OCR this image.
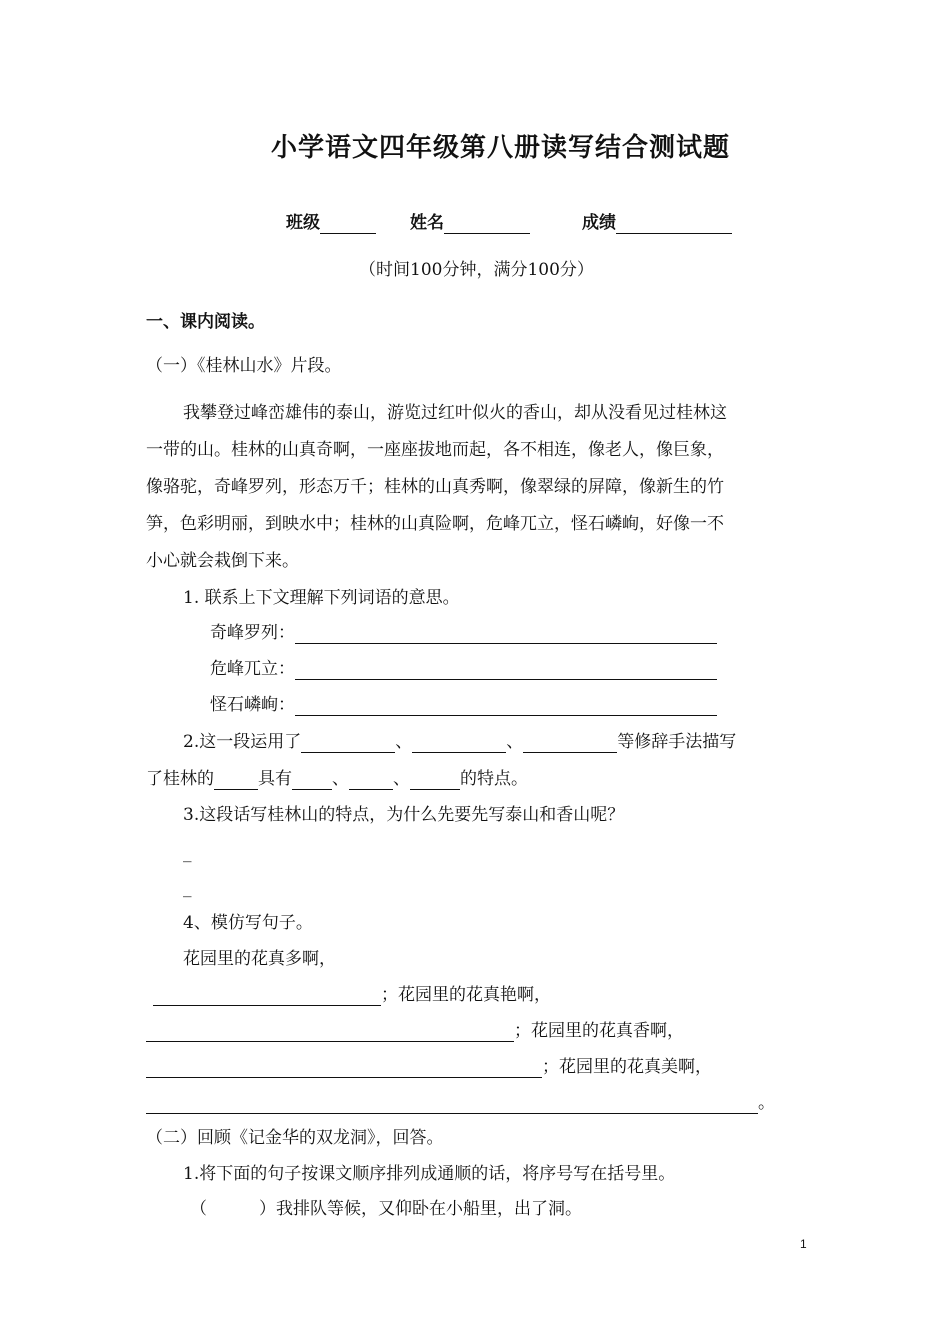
小学语文四年级第八册读写结合测试题
班级	姓名	成绩
（时间100分钟，满分100分）
一、课内阅读。
（一）《桂林山水》片段。
我攀登过峰峦雄伟的泰山，游览过红叶似火的香山，却从没看见过桂林这
一带的山。桂林的山真奇啊，一座座拔地而起，各不相连，像老人，像巨象，
像骆驼，奇峰罗列，形态万千；桂林的山真秀啊，像翠绿的屏障，像新生的竹
笋，色彩明丽，到映水中；桂林的山真险啊，危峰兀立，怪石嶙峋，好像一不
小心就会栽倒下来。
1. 联系上下文理解下列词语的意思。
奇峰罗列：
危峰兀立：
怪石嶙峋：
2.这一段运用了	、	、	等修辞手法描写
了桂林的	具有 、	、	的特点。
3.这段话写桂林山的特点，为什么先要先写泰山和香山呢？
_
_
4、模仿写句子。
花园里的花真多啊，
；花园里的花真艳啊，
；花园里的花真香啊，
；花园里的花真美啊，
。
（二）回顾《记金华的双龙洞》，回答。
1.将下面的句子按课文顺序排列成通顺的话，将序号写在括号里。
（	）我排队等候，又仰卧在小船里，出了洞。
1
